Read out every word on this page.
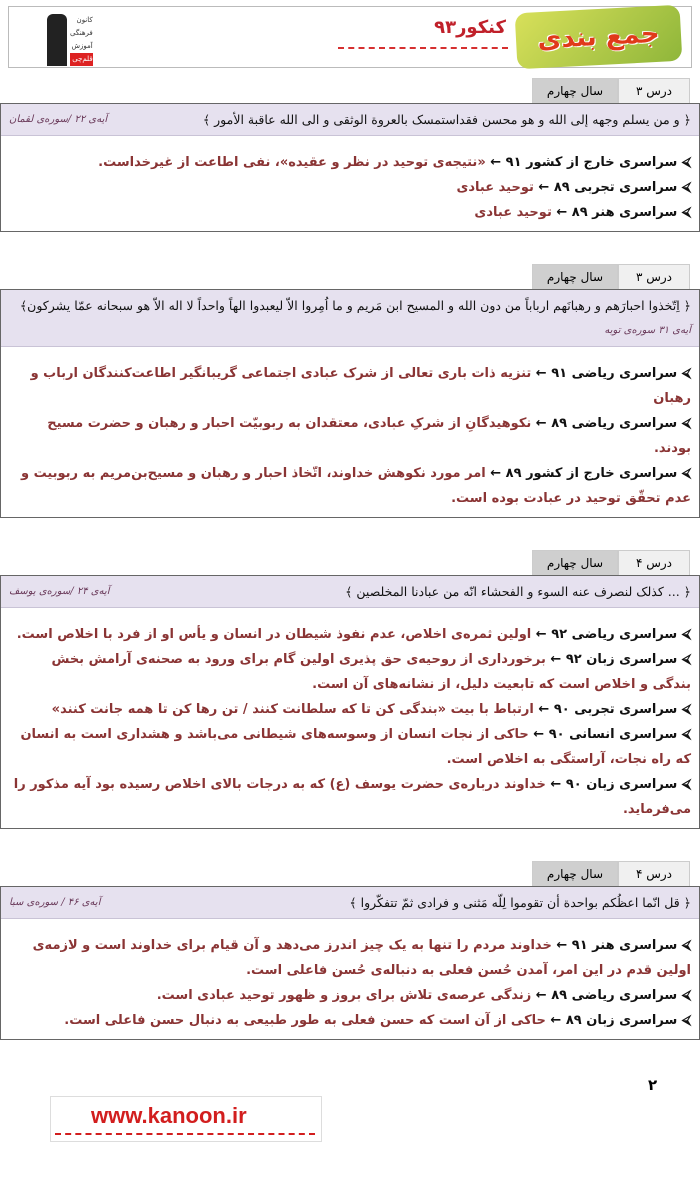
کانون
فرهنگی
آموزش
قلم‌چی
کنکور۹۳ جمع بندی
درس ۳
سال چهارم
﴿ و من یسلم وجهه إلی الله و هو محسن فقداستمسک بالعروة الوثقی و الی الله عاقبة الأمور ﴾
آیه‌ی ۲۲ /سوره‌ی لقمان
⮘ سراسری خارج از کشور ۹۱ ← «نتیجه‌ی توحید در نظر و عقیده»، نفی اطاعت از غیرخداست.
⮘ سراسری تجربی ۸۹ ← توحید عبادی
⮘ سراسری هنر ۸۹ ← توحید عبادی
درس ۳
سال چهارم
﴿ اِتّخذوا احبارَهم و رهبانَهم ارباباً من دون الله و المسیح ابن مَریم و ما اُمِروا الاّ لیعبدوا الهاً واحداً لا اله الاّ هو سبحانه عمّا یشرکون﴾
آیه‌ی ۳۱ سوره‌ی توبه
⮘ سراسری ریاضی ۹۱ ← تنزیه ذات باری تعالی از شرک عبادی اجتماعی گریبانگیر اطاعت‌کنندگان ارباب و رهبان
⮘ سراسری ریاضی ۸۹ ← نکوهیدگانِ از شرکِ عبادی، معتقدان به ربوبیّت احبار و رهبان و حضرت مسیح بودند.
⮘ سراسری خارج از کشور ۸۹ ← امر مورد نکوهش خداوند، اتّخاذ احبار و رهبان و مسیح‌بن‌مریم به ربوبیت و عدم تحقّق توحید در عبادت بوده است.
درس ۴
سال چهارم
﴿ ... کذلک لنصرف عنه السوء و الفحشاء انّه من عبادنا المخلصین ﴾
آیه‌ی ۲۴ /سوره‌ی یوسف
⮘ سراسری ریاضی ۹۲ ← اولین ثمره‌ی اخلاص، عدم نفوذ شیطان در انسان و یأس او از فرد با اخلاص است.
⮘ سراسری زبان ۹۲ ← برخورداری از روحیه‌ی حق پذیری اولین گام برای ورود به صحنه‌ی آرامش بخش بندگی و اخلاص است که تابعیت دلیل، از نشانه‌های آن است.
⮘ سراسری تجربی ۹۰ ← ارتباط با بیت «بندگی کن تا که سلطانت کنند / تن رها کن تا همه جانت کنند»
⮘ سراسری انسانی ۹۰ ← حاکی از نجات انسان از وسوسه‌های شیطانی می‌باشد و هشداری است به انسان که راه نجات، آراستگی به اخلاص است.
⮘ سراسری زبان ۹۰ ← خداوند درباره‌ی حضرت یوسف (ع) که به درجات بالای اخلاص رسیده بود آیه مذکور را می‌فرماید.
درس ۴
سال چهارم
﴿ قل انّما اعظُکم بواحدة أن تقوموا لِلّه مَثنی و فرادی ثمّ تتفکّروا ﴾
آیه‌ی ۴۶ / سوره‌ی سبا
⮘ سراسری هنر ۹۱ ← خداوند مردم را تنها به یک چیز اندرز می‌دهد و آن قیام برای خداوند است و لازمه‌ی اولین قدم در این امر، آمدن حُسن فعلی به دنباله‌ی حُسن فاعلی است.
⮘ سراسری ریاضی ۸۹ ← زندگی عرصه‌ی تلاش برای بروز و ظهور توحید عبادی است.
⮘ سراسری زبان ۸۹ ← حاکی از آن است که حسن فعلی به طور طبیعی به دنبال حسن فاعلی است.
۲
www.kanoon.ir
